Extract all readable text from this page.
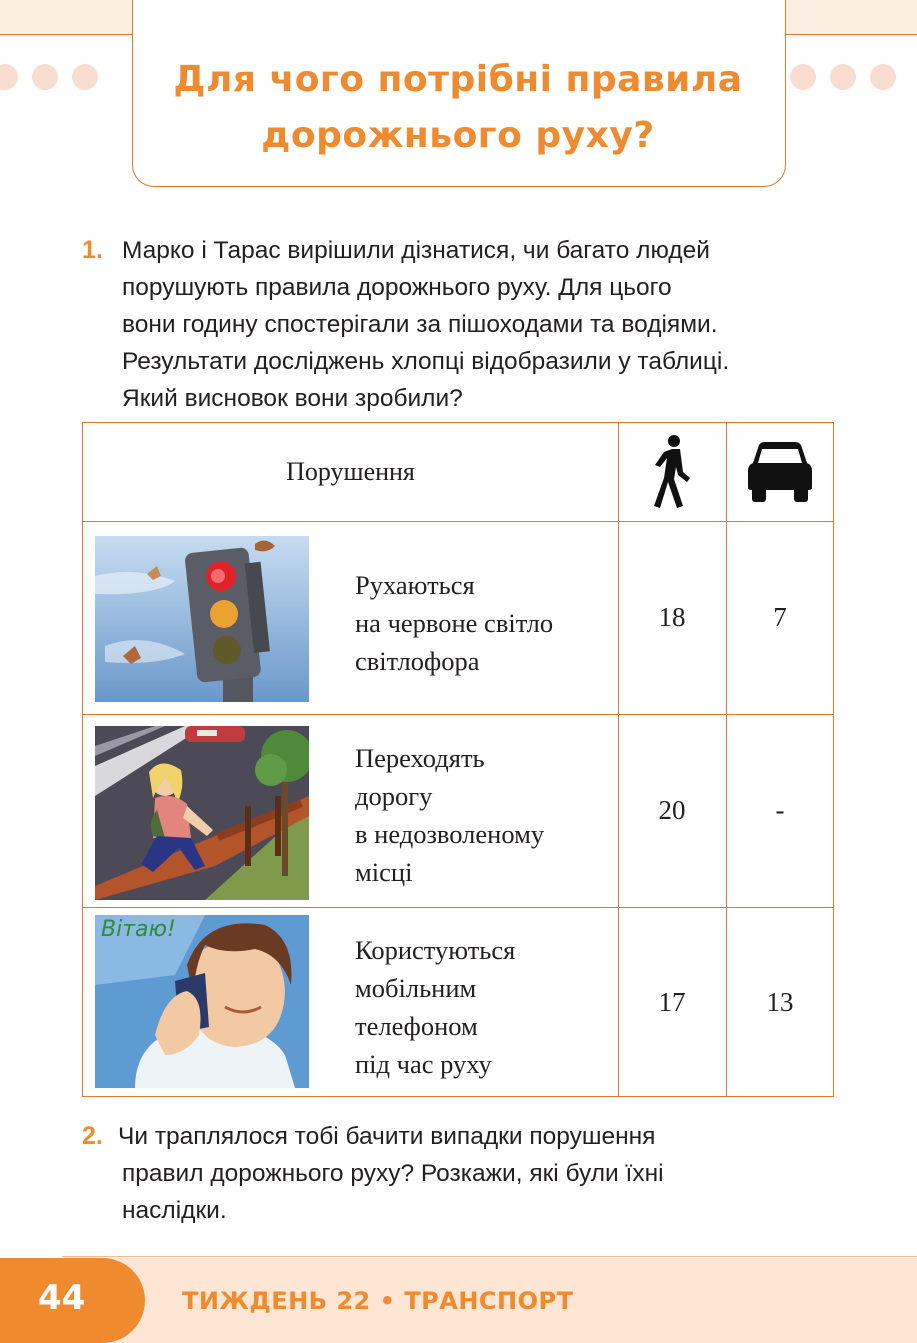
Для чого потрібні правила
дорожнього руху?
1. Марко і Тарас вирішили дізнатися, чи багато людей
порушують правила дорожнього руху. Для цього
вони годину спостерігали за пішоходами та водіями.
Результати досліджень хлопці відобразили у таблиці.
Який висновок вони зробили?
Порушення
Рухаються
на червоне світло
світлофора
18	7
Переходять
дорогу
в недозволеному
місці
20	-
Вітаю!
Користуються
мобільним
телефоном
під час руху
17	13
2. Чи траплялося тобі бачити випадки порушення
правил дорожнього руху? Розкажи, які були їхні
наслідки.
44	ТИЖДЕНЬ 22 • ТРАНСПОРТ
